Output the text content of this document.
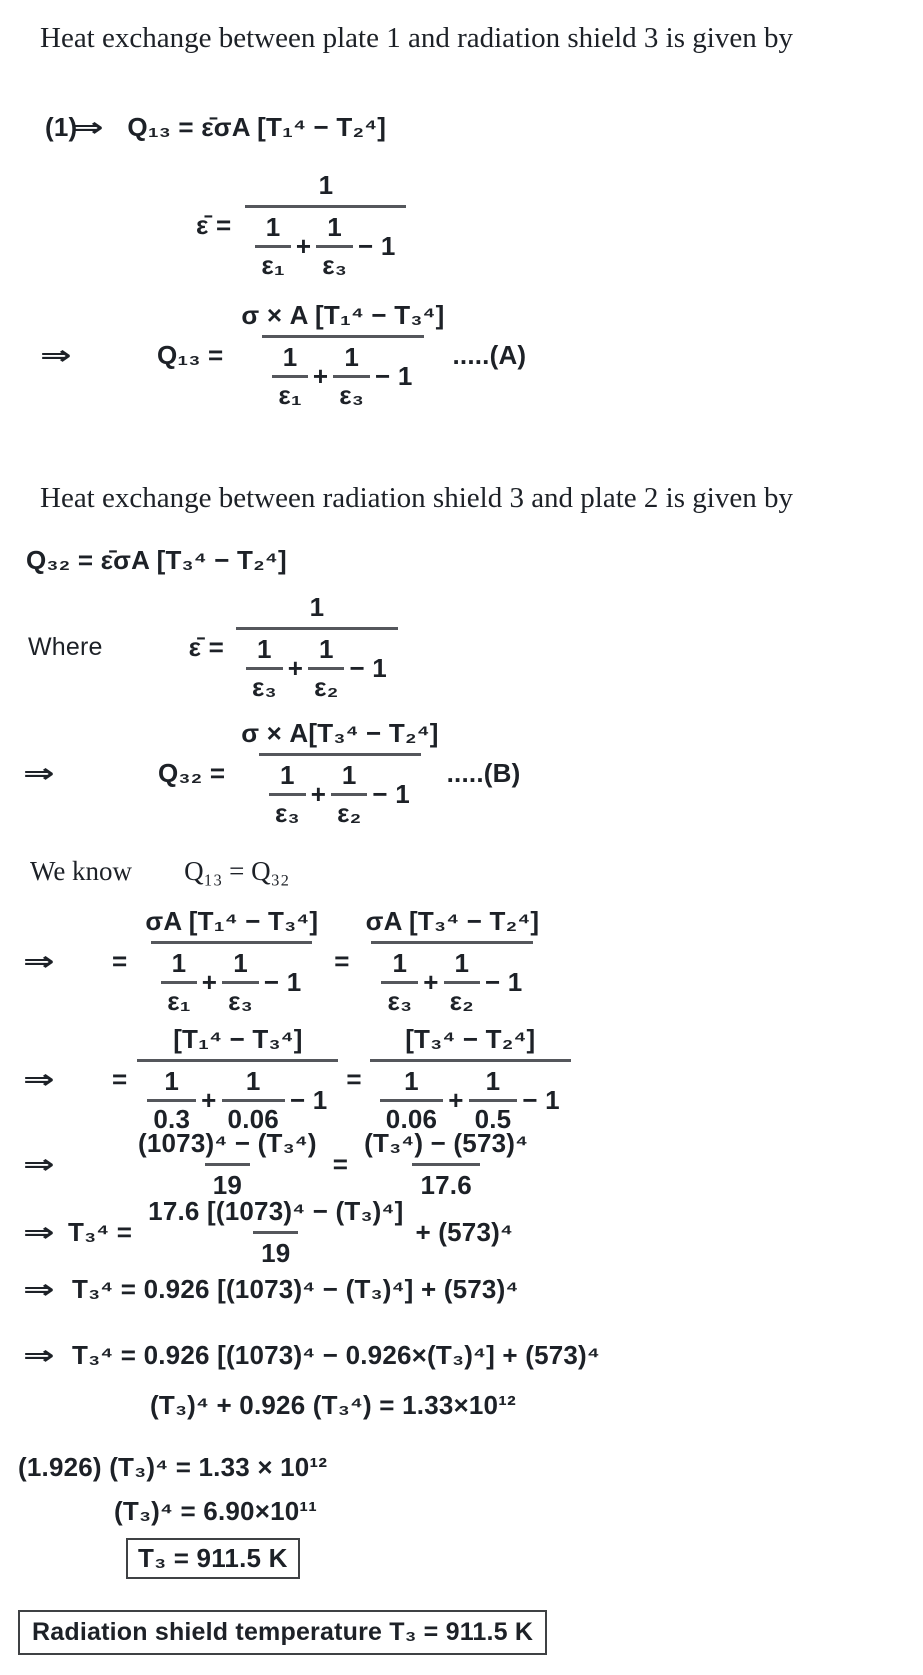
Heat exchange between plate 1 and radiation shield 3 is given by
(1)
⇒ Q₁₃ = ε̄σA [T₁⁴ − T₂⁴]
ε̄ =
1
1
ε₁
+ $\frac{1}{\text{ε₃}} - 1$
⇒	Q₁₃ =
σ × A [T₁⁴ − T₃⁴]
1
ε₁
+ $\frac{1}{\text{ε₃}} - 1$
.....(A)
Heat exchange between radiation shield 3 and plate 2 is given by
Q₃₂ = ε̄σA [T₃⁴ − T₂⁴]
Where	ε̄ =
1
1
ε₃
+ $\frac{1}{\text{ε₂}} - 1$
⇒	Q₃₂ =
σ × A[T₃⁴ − T₂⁴]
1
ε₃
+ $\frac{1}{\text{ε₂}} - 1$
.....(B)
We know Q₁₃ = Q₃₂
⇒ =
σA [T₁⁴ − T₃⁴]
1
ε₁
+ $\frac{1}{\text{ε₃}} - 1$
=
σA [T₃⁴ − T₂⁴]
1
ε₃
+ $\frac{1}{\text{ε₂}} - 1$
⇒ =
[T₁⁴ − T₃⁴]
1
0.3
+ $\frac{1}{0.06} - 1$
=
[T₃⁴ − T₂⁴]
1
0.06
+ $\frac{1}{0.5} - 1$
⇒	$\frac{\text{(1073)⁴ − (T₃⁴)}}{19} = \frac{\text{(T₃⁴) − (573)⁴}}{17.6}$
⇒ $T_3^4 = \frac{\text{17.6 [(1073)⁴ − (T₃)⁴]}}{19} + (573)^4$
⇒ T₃⁴ = 0.926 [(1073)⁴ − (T₃)⁴] + (573)⁴
⇒ T₃⁴ = 0.926 [(1073)⁴ − 0.926×(T₃)⁴] + (573)⁴
(T₃)⁴ + 0.926 (T₃⁴) = 1.33×10¹²
(1.926) (T₃)⁴ = 1.33 × 10¹²
(T₃)⁴ = 6.90×10¹¹
T₃ = 911.5 K
Radiation shield temperature T₃ = 911.5 K
